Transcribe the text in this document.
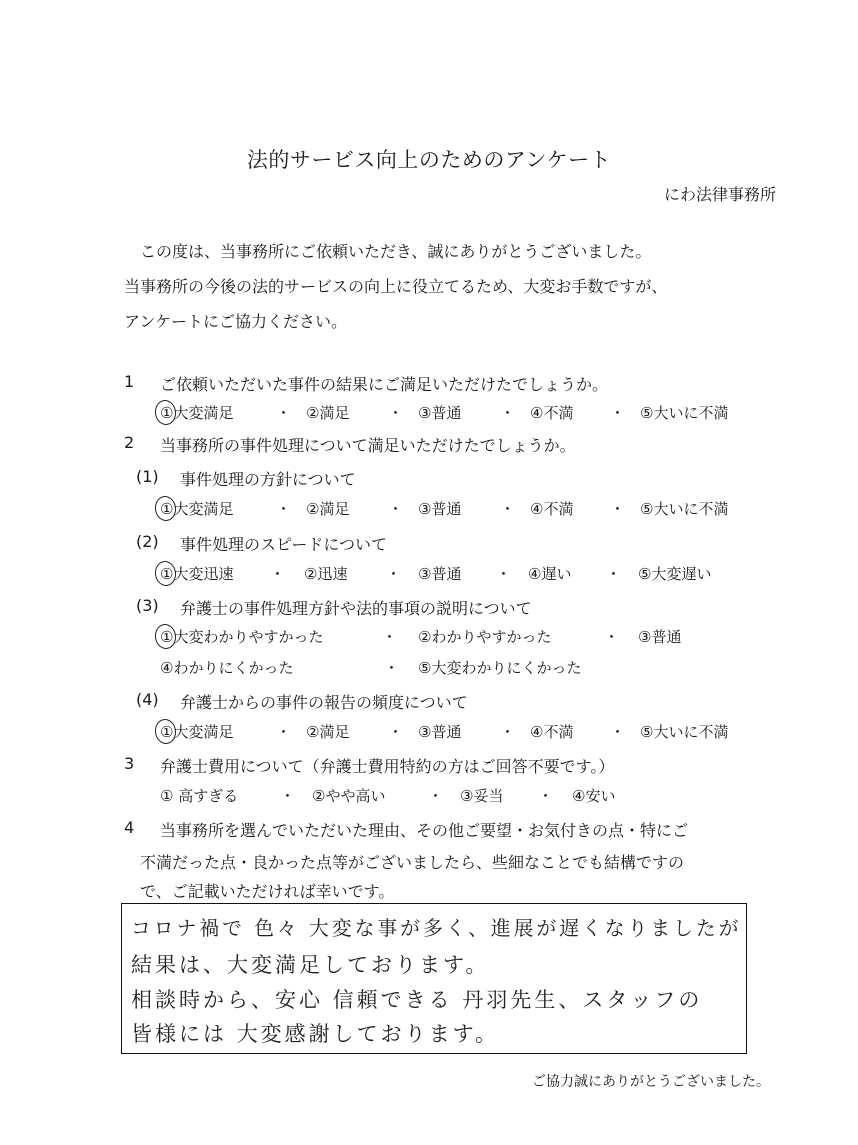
法的サービス向上のためのアンケート
にわ法律事務所
この度は、当事務所にご依頼いただき、誠にありがとうございました。
当事務所の今後の法的サービスの向上に役立てるため、大変お手数ですが、
アンケートにご協力ください。
1 ご依頼いただいた事件の結果にご満足いただけたでしょうか。
①大変満足	・ ②満足	・ ③普通	・ ④不満 ・ ⑤大いに不満
2 当事務所の事件処理について満足いただけたでしょうか。
(1) 事件処理の方針について
①大変満足	・ ②満足	・ ③普通	・ ④不満 ・ ⑤大いに不満
(2) 事件処理のスピードについて
①大変迅速 ・ ②迅速	・ ③普通 ・ ④遅い ・ ⑤大変遅い
(3) 弁護士の事件処理方針や法的事項の説明について
①大変わかりやすかった	・ ②わかりやすかった	・ ③普通
④わかりにくかった	・ ⑤大変わかりにくかった
(4) 弁護士からの事件の報告の頻度について
①大変満足	・ ②満足	・ ③普通	・ ④不満 ・ ⑤大いに不満
3 弁護士費用について（弁護士費用特約の方はご回答不要です。）
① 高すぎる	・ ②やや高い	・ ③妥当 ・ ④安い
4 当事務所を選んでいただいた理由、その他ご要望・お気付きの点・特にご
不満だった点・良かった点等がございましたら、些細なことでも結構ですの
で、ご記載いただければ幸いです。
コロナ禍で 色々 大変な事が多く、進展が遅くなりましたが
結果は、大変満足しております。
相談時から、安心 信頼できる 丹羽先生、スタッフの
皆様には 大変感謝しております。
ご協力誠にありがとうございました。
